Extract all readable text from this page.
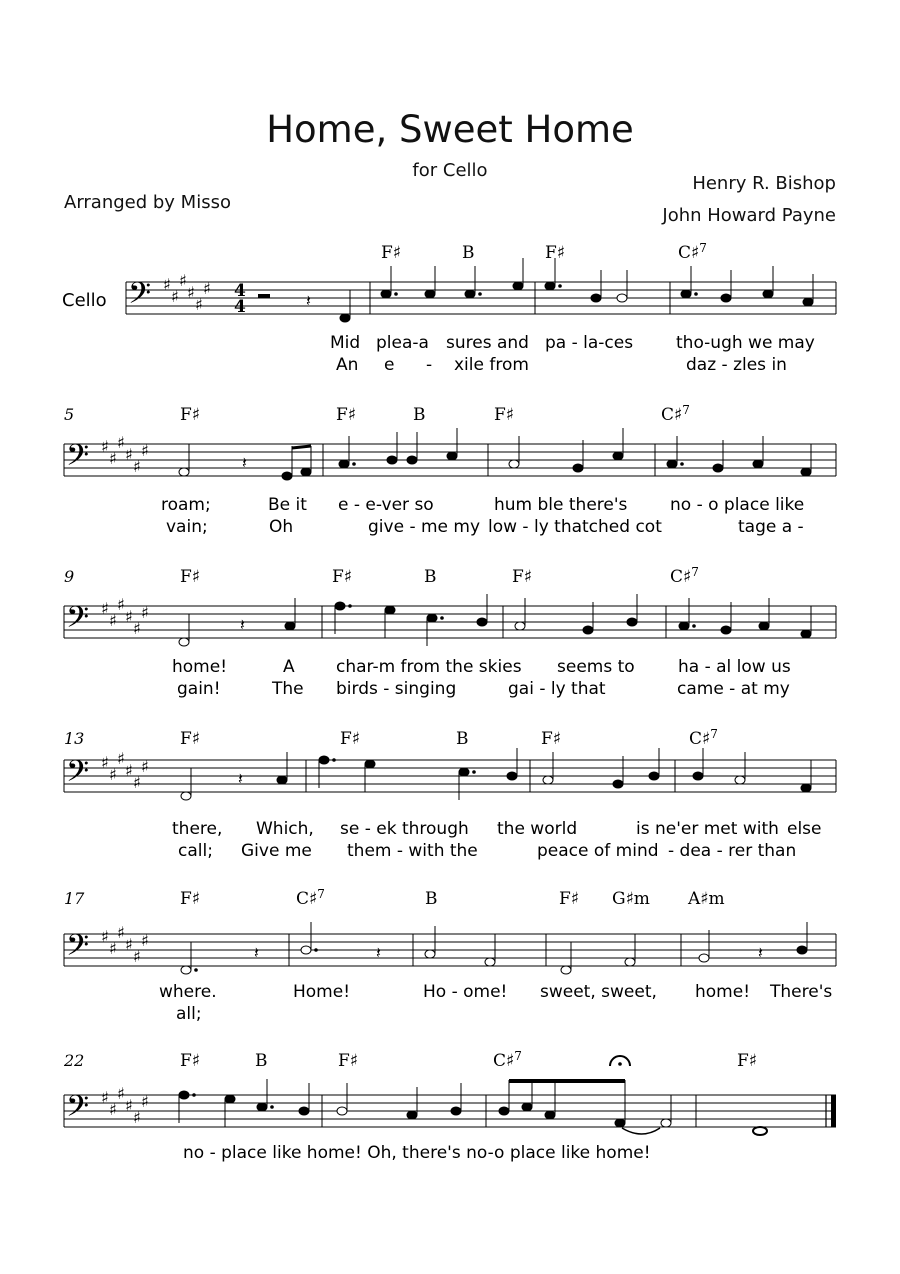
Home, Sweet Home
for Cello
Henry R. Bishop
John Howard Payne
Arranged by Misso
Cello 𝄢 ♯
♯
♯
♯
♯
♯ 4
4	𝄽
F♯	B	F♯	C♯$^7$
Mid plea-a sures and pa - la-ces	tho-ugh we may
An e - xile from	daz - zles in
5
𝄢 ♯
♯
♯
♯
♯
♯
𝄽
F♯	F♯	B	F♯	C♯$^7$
roam;	Be it e - e-ver so	hum ble there's	no - o place like
vain;	Oh	give - me my low - ly thatched cot	tage a -
9
𝄢 ♯
♯
♯
♯
♯
♯
𝄽
F♯	F♯	B	F♯	C♯$^7$
home!	A char-m from the skies seems to	ha - al low us
gain!	The birds - singing	gai - ly that	came - at my
13
𝄢 ♯
♯
♯
♯
♯
♯
𝄽
F♯	F♯	B	F♯	C♯$^7$
there, Which, se - ek through the world	is ne'er met with else
call; Give me them - with the	peace of mind - dea - rer than
17
𝄢 ♯
♯
♯
♯
♯
♯
𝄽	𝄽	𝄽
F♯	C♯$^7$	B	F♯ G♯m A♯m
where.	Home!	Ho - ome! sweet, sweet, home! There's
all;
22
𝄢 ♯
♯
♯
♯
♯
♯
F♯	B	F♯	C♯$^7$	F♯
no - place like home! Oh, there's no-o place like home!
